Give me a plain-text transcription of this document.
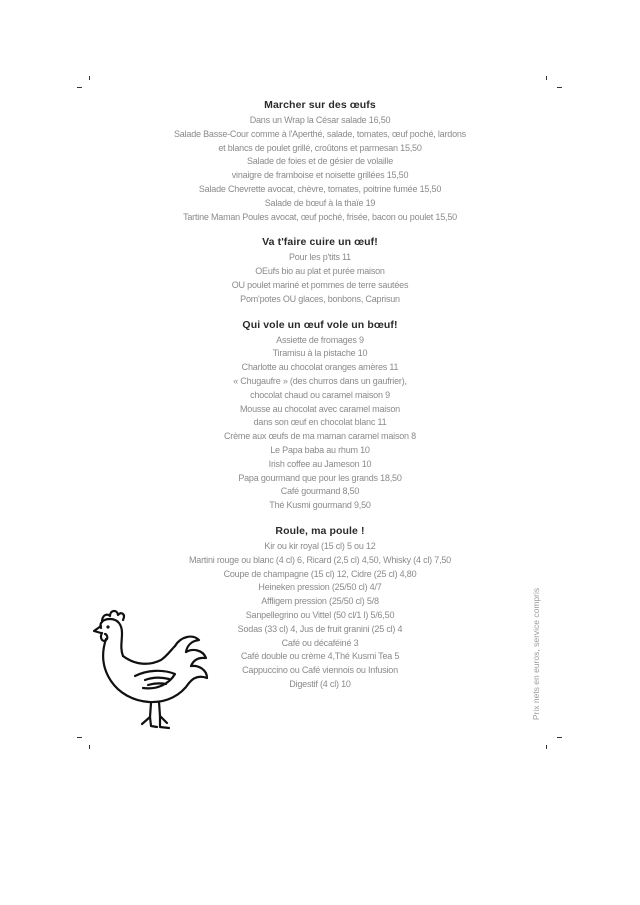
Marcher sur des œufs
Dans un Wrap la César salade 16,50
Salade Basse-Cour comme à l'Aperthé, salade, tomates, œuf poché, lardons
et blancs de poulet grillé, croûtons et parmesan 15,50
Salade de foies et de gésier de volaille
vinaigre de framboise et noisette grillées 15,50
Salade Chevrette avocat, chèvre, tomates, poitrine fumée 15,50
Salade de bœuf à la thaïe 19
Tartine Maman Poules avocat, œuf poché, frisée, bacon ou poulet 15,50
Va t'faire cuire un œuf!
Pour les p'tits 11
OEufs bio au plat et purée maison
OU poulet mariné et pommes de terre sautées
Pom'potes OU glaces, bonbons, Caprisun
Qui vole un œuf vole un bœuf!
Assiette de fromages 9
Tiramisu à la pistache 10
Charlotte au chocolat oranges amères 11
« Chugaufre » (des churros dans un gaufrier),
chocolat chaud ou caramel maison 9
Mousse au chocolat avec caramel maison
dans son œuf en chocolat blanc 11
Crème aux œufs de ma maman caramel maison 8
Le Papa baba au rhum 10
Irish coffee au Jameson 10
Papa gourmand que pour les grands 18,50
Café gourmand 8,50
Thé Kusmi gourmand 9,50
Roule, ma poule !
Kir ou kir royal (15 cl) 5 ou 12
Martini rouge ou blanc (4 cl) 6, Ricard (2,5 cl) 4,50, Whisky (4 cl) 7,50
Coupe de champagne (15 cl) 12, Cidre (25 cl) 4,80
Heineken pression (25/50 cl) 4/7
Affligem pression (25/50 cl) 5/8
Sanpellegrino ou Vittel (50 cl/1 l) 5/6,50
Sodas (33 cl) 4, Jus de fruit granini (25 cl) 4
Café ou décaféiné 3
Café double ou crème 4,Thé Kusmi Tea 5
Cappuccino ou Café viennois ou Infusion
Digestif (4 cl) 10	Prix nets en euros, service compris
